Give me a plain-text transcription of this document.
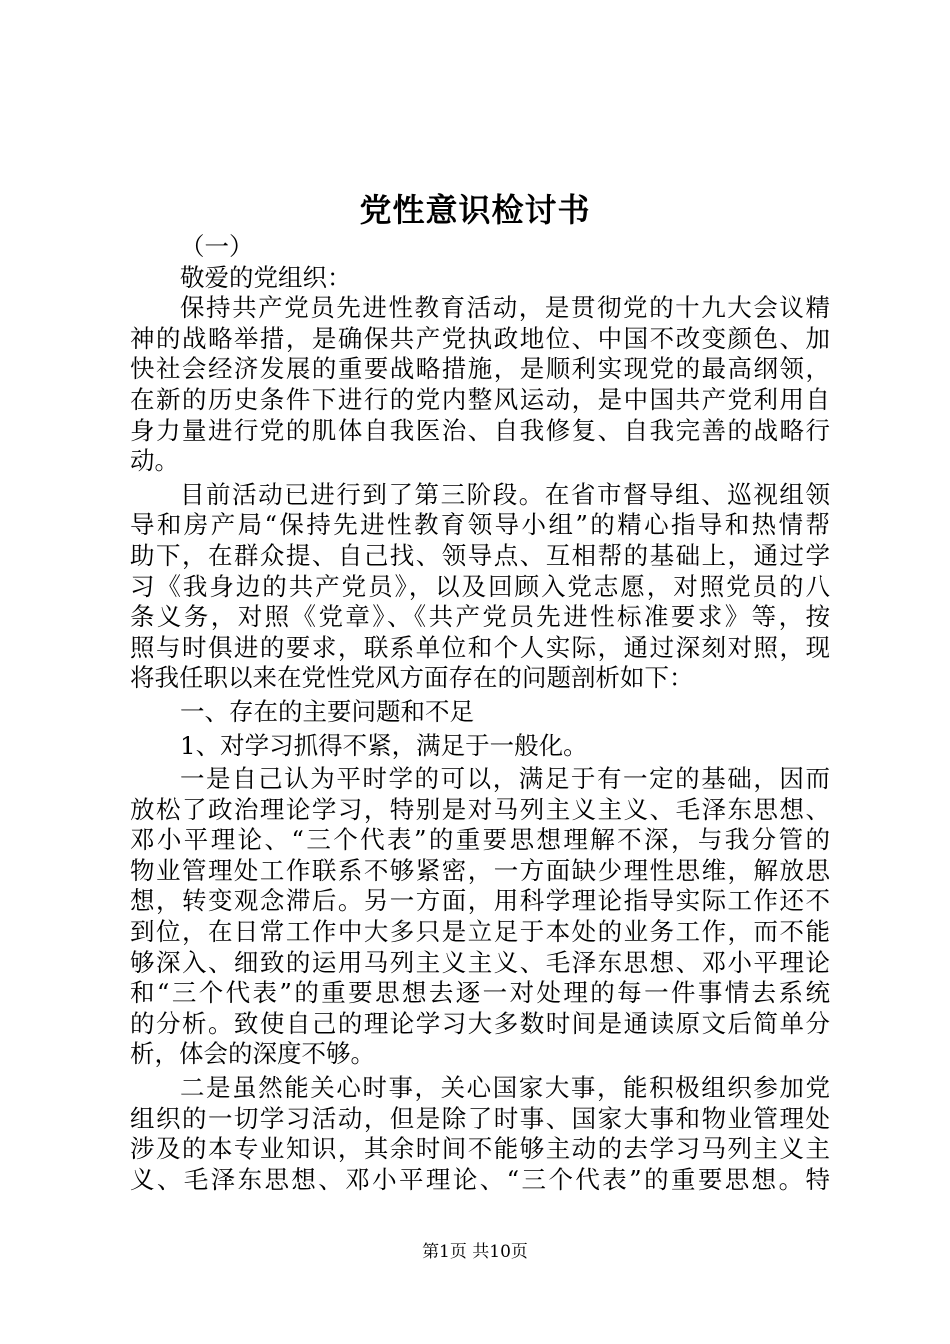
党性意识检讨书
（一）
敬爱的党组织：
保持共产党员先进性教育活动，是贯彻党的十九大会议精
神的战略举措，是确保共产党执政地位、中国不改变颜色、加
快社会经济发展的重要战略措施，是顺利实现党的最高纲领，
在新的历史条件下进行的党内整风运动，是中国共产党利用自
身力量进行党的肌体自我医治、自我修复、自我完善的战略行
动。
目前活动已进行到了第三阶段。在省市督导组、巡视组领
导和房产局“保持先进性教育领导小组”的精心指导和热情帮
助下，在群众提、自己找、领导点、互相帮的基础上，通过学
习《我身边的共产党员》，以及回顾入党志愿，对照党员的八
条义务，对照《党章》、《共产党员先进性标准要求》等，按
照与时俱进的要求，联系单位和个人实际，通过深刻对照，现
将我任职以来在党性党风方面存在的问题剖析如下：
一、存在的主要问题和不足
1、对学习抓得不紧，满足于一般化。
一是自己认为平时学的可以，满足于有一定的基础，因而
放松了政治理论学习，特别是对马列主义主义、毛泽东思想、
邓小平理论、“三个代表”的重要思想理解不深，与我分管的
物业管理处工作联系不够紧密，一方面缺少理性思维，解放思
想，转变观念滞后。另一方面，用科学理论指导实际工作还不
到位，在日常工作中大多只是立足于本处的业务工作，而不能
够深入、细致的运用马列主义主义、毛泽东思想、邓小平理论
和“三个代表”的重要思想去逐一对处理的每一件事情去系统
的分析。致使自己的理论学习大多数时间是通读原文后简单分
析，体会的深度不够。
二是虽然能关心时事，关心国家大事，能积极组织参加党
组织的一切学习活动，但是除了时事、国家大事和物业管理处
涉及的本专业知识，其余时间不能够主动的去学习马列主义主
义、毛泽东思想、邓小平理论、“三个代表”的重要思想。特
第1页 共10页
